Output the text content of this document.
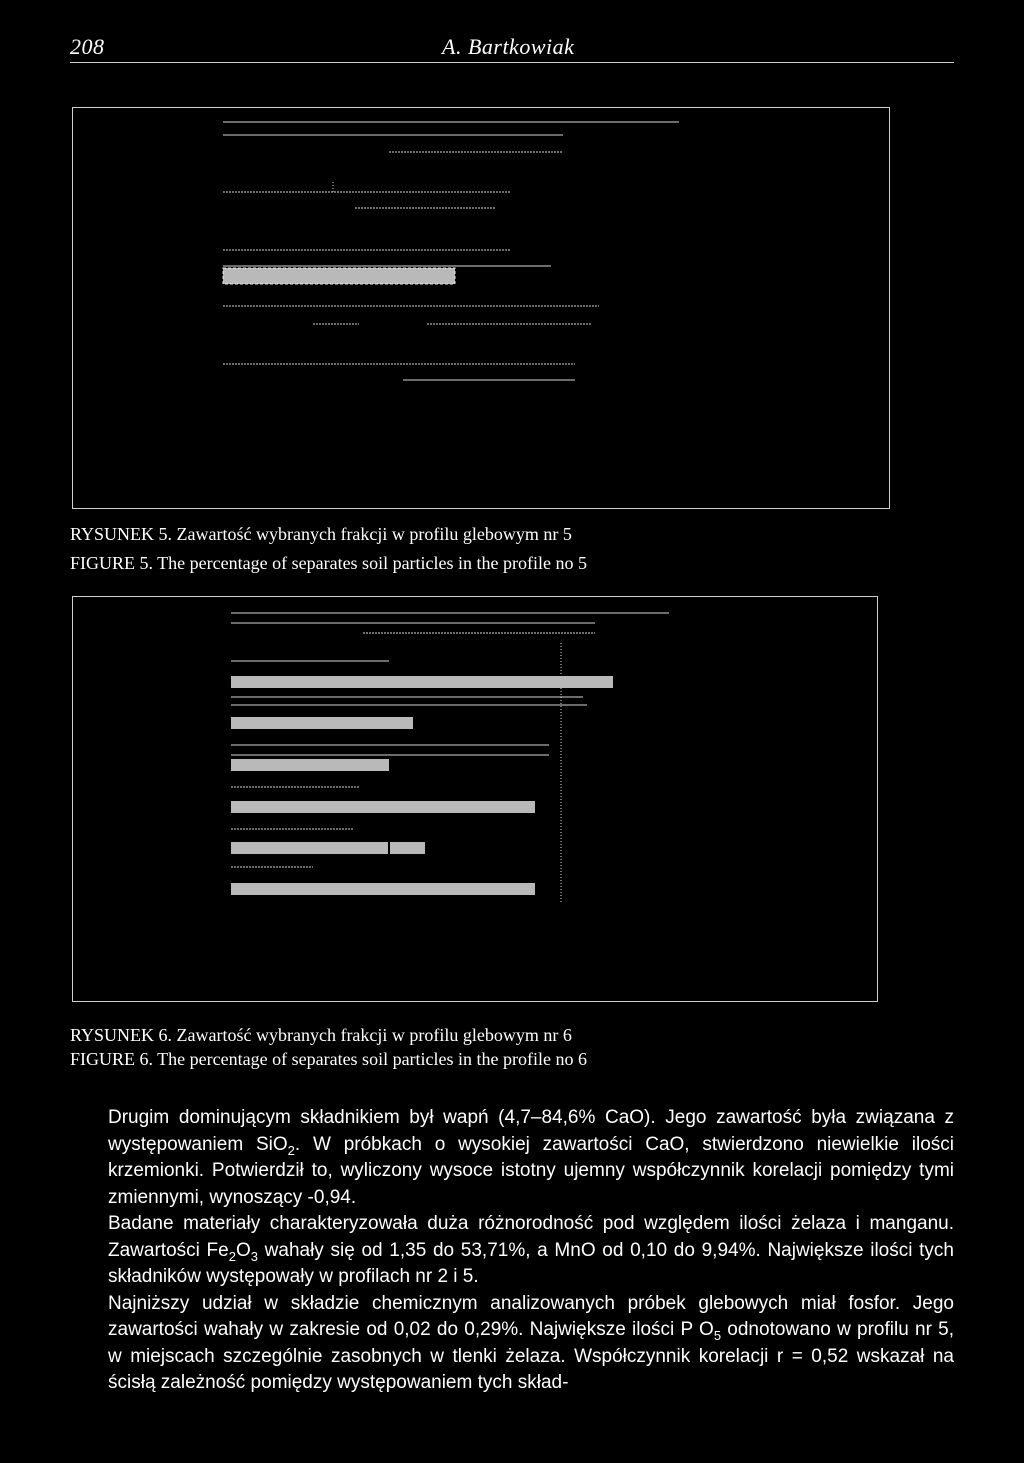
208	A. Bartkowiak
RYSUNEK 5. Zawartość wybranych frakcji w profilu glebowym nr 5
FIGURE 5. The percentage of separates soil particles in the profile no 5
RYSUNEK 6. Zawartość wybranych frakcji w profilu glebowym nr 6
FIGURE 6. The percentage of separates soil particles in the profile no 6

Drugim dominującym składnikiem był wapń (4,7–84,6% CaO). Jego zawartość była związana z występowaniem SiO$_2$. W próbkach o wysokiej zawartości CaO, stwierdzono niewielkie ilości krzemionki. Potwierdził to, wyliczony wysoce istotny ujemny współczynnik korelacji pomiędzy tymi zmiennymi, wynoszący -0,94.

Badane materiały charakteryzowała duża różnorodność pod względem ilości żelaza i manganu. Zawartości $Fe_2O_3$ wahały się od 1,35 do 53,71%, a MnO od 0,10 do 9,94%. Największe ilości tych składników występowały w profilach nr 2 i 5.

Najniższy udział w składzie chemicznym analizowanych próbek glebowych miał fosfor. Jego zawartości wahały w zakresie od 0,02 do 0,29%. Największe ilości P $O_5$ odnotowano w profilu nr 5, w miejscach szczególnie zasobnych w tlenki żelaza. Współczynnik korelacji r = 0,52 wskazał na ścisłą zależność pomiędzy występowaniem tych skład-
